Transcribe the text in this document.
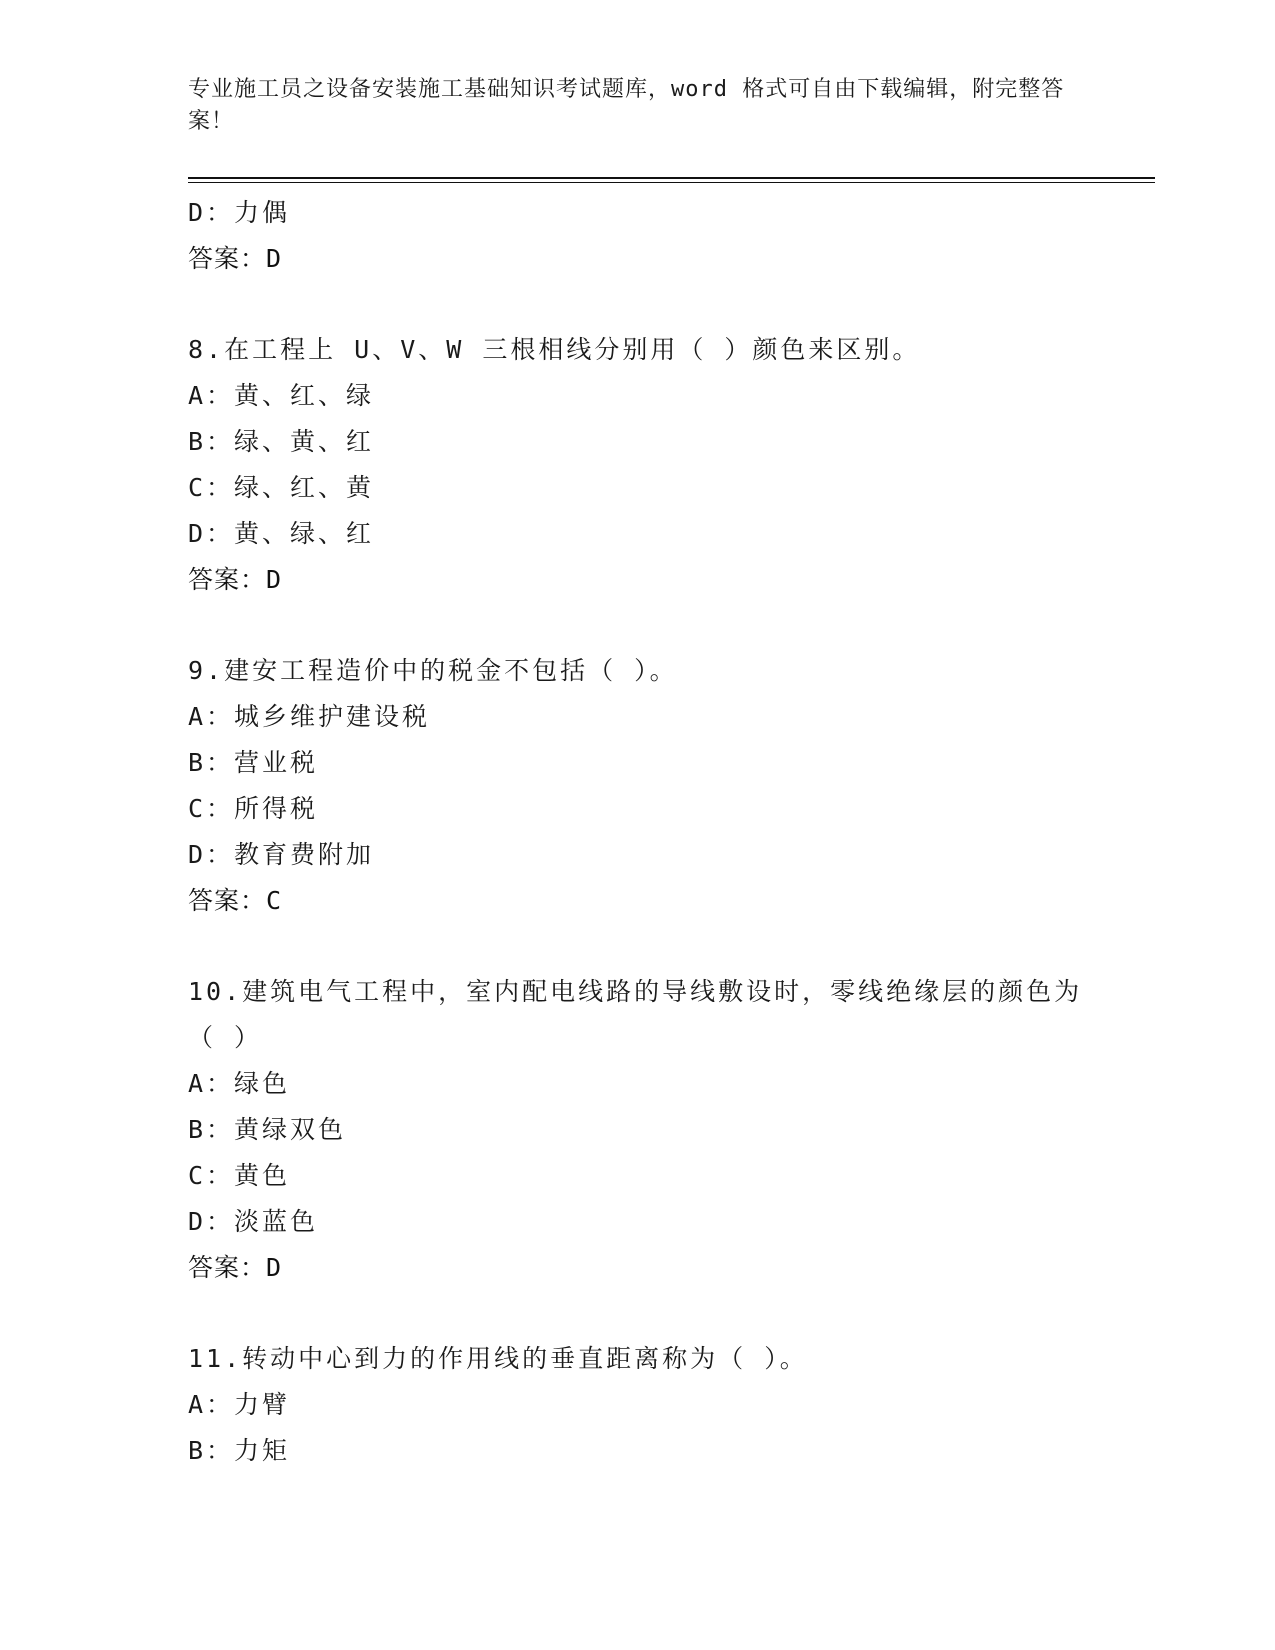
专业施工员之设备安装施工基础知识考试题库，word 格式可自由下载编辑，附完整答案！
D：力偶
答案：D
8.在工程上 U、V、W 三根相线分别用（ ）颜色来区别。
A：黄、红、绿
B：绿、黄、红
C：绿、红、黄
D：黄、绿、红
答案：D
9.建安工程造价中的税金不包括（ ）。
A：城乡维护建设税
B：营业税
C：所得税
D：教育费附加
答案：C
10.建筑电气工程中，室内配电线路的导线敷设时，零线绝缘层的颜色为（ ）
A：绿色
B：黄绿双色
C：黄色
D：淡蓝色
答案：D
11.转动中心到力的作用线的垂直距离称为（ ）。
A：力臂
B：力矩
